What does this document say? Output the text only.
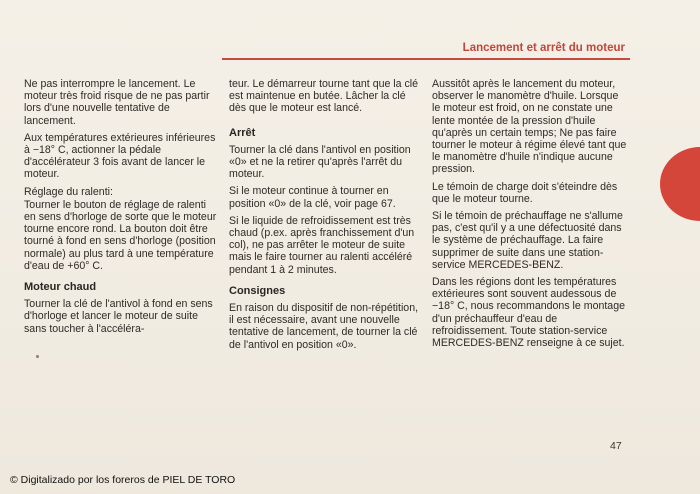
Lancement et arrêt du moteur

Ne pas interrompre le lancement. Le moteur très froid risque de ne pas partir lors d'une nouvelle tentative de lancement.

Aux températures extérieures inférieures à −18° C, actionner la pédale d'accélérateur 3 fois avant de lancer le moteur.

Réglage du ralenti:

Tourner le bouton de réglage de ralenti en sens d'horloge de sorte que le moteur tourne encore rond. La bouton doit être tourné à fond en sens d'horloge (position normale) au plus tard à une température d'eau de +60° C.

Moteur chaud

Tourner la clé de l'antivol à fond en sens d'horloge et lancer le moteur de suite sans toucher à l'accéléra-

teur. Le démarreur tourne tant que la clé est maintenue en butée. Lâcher la clé dès que le moteur est lancé.

Arrêt

Tourner la clé dans l'antivol en position «0» et ne la retirer qu'après l'arrêt du moteur.

Si le moteur continue à tourner en position «0» de la clé, voir page 67.

Si le liquide de refroidissement est très chaud (p.ex. après franchissement d'un col), ne pas arrêter le moteur de suite mais le faire tourner au ralenti accéléré pendant 1 à 2 minutes.

Consignes

En raison du dispositif de non-répétition, il est nécessaire, avant une nouvelle tentative de lancement, de tourner la clé de l'antivol en position «0».

Aussitôt après le lancement du moteur, observer le manomètre d'huile. Lorsque le moteur est froid, on ne constate une lente montée de la pression d'huile qu'après un certain temps; Ne pas faire tourner le moteur à régime élevé tant que le manomètre d'huile n'indique aucune pression.

Le témoin de charge doit s'éteindre dès que le moteur tourne.

Si le témoin de préchauffage ne s'allume pas, c'est qu'il y a une défectuosité dans le système de préchauffage. La faire supprimer de suite dans une station-service MERCEDES-BENZ.

Dans les régions dont les températures extérieures sont souvent audessous de −18° C, nous recommandons le montage d'un préchauffeur d'eau de refroidissement. Toute station-service MERCEDES-BENZ renseigne à ce sujet.

47
© Digitalizado por los foreros de PIEL DE TORO
